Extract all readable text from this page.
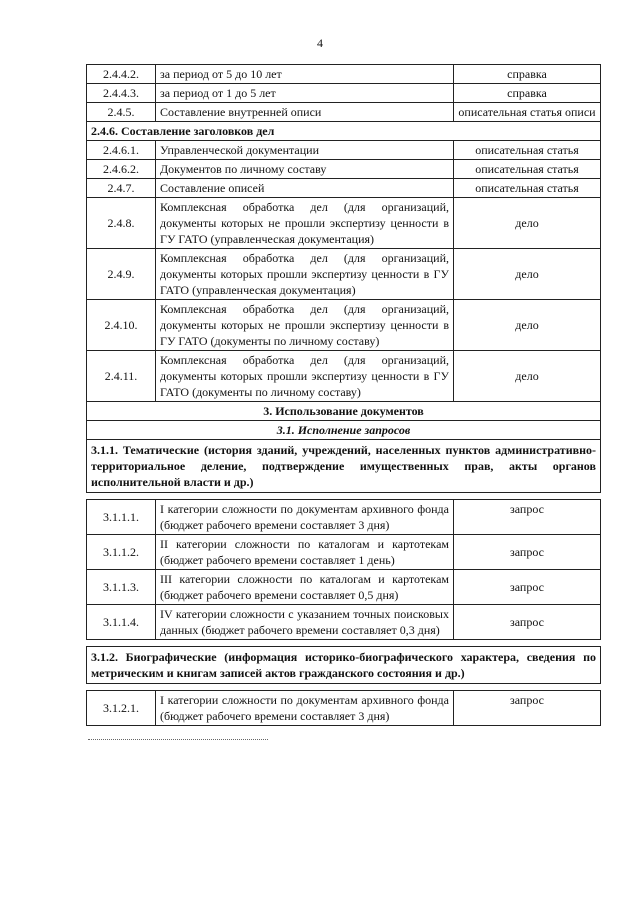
4
2.4.4.2.	за период от 5 до 10 лет	справка
2.4.4.3.	за период от 1 до 5 лет	справка
2.4.5.	Составление внутренней описи	описательная статья описи
2.4.6. Составление заголовков дел		
2.4.6.1.	Управленческой документации	описательная статья
2.4.6.2.	Документов по личному составу	описательная статья
2.4.7.	Составление описей	описательная статья
2.4.8.	Комплексная обработка дел (для организаций, документы которых не прошли экспертизу ценности в ГУ ГАТО (управленческая документация)	дело
2.4.9.	Комплексная обработка дел (для организаций, документы которых прошли экспертизу ценности в ГУ ГАТО (управленческая документация)	дело
2.4.10.	Комплексная обработка дел (для организаций, документы которых не прошли экспертизу ценности в ГУ ГАТО (документы по личному составу)	дело
2.4.11.	Комплексная обработка дел (для организаций, документы которых прошли экспертизу ценности в ГУ ГАТО (документы по личному составу)	дело
3. Использование документов		
3.1. Исполнение запросов		
3.1.1. Тематические (история зданий, учреждений, населенных пунктов административно-территориальное деление, подтверждение имущественных прав, акты органов исполнительной власти и др.)		

3.1.1.1.	I категории сложности по документам архивного фонда (бюджет рабочего времени составляет 3 дня)	запрос
3.1.1.2.	II категории сложности по каталогам и картотекам (бюджет рабочего времени составляет 1 день)	запрос
3.1.1.3.	III категории сложности по каталогам и картотекам (бюджет рабочего времени составляет 0,5 дня)	запрос
3.1.1.4.	IV категории сложности с указанием точных поисковых данных (бюджет рабочего времени составляет 0,3 дня)	запрос

3.1.2. Биографические (информация историко-биографического характера, сведения по метрическим и книгам записей актов гражданского состояния и др.)		

3.1.2.1.	I категории сложности по документам архивного фонда (бюджет рабочего времени составляет 3 дня)	запрос
